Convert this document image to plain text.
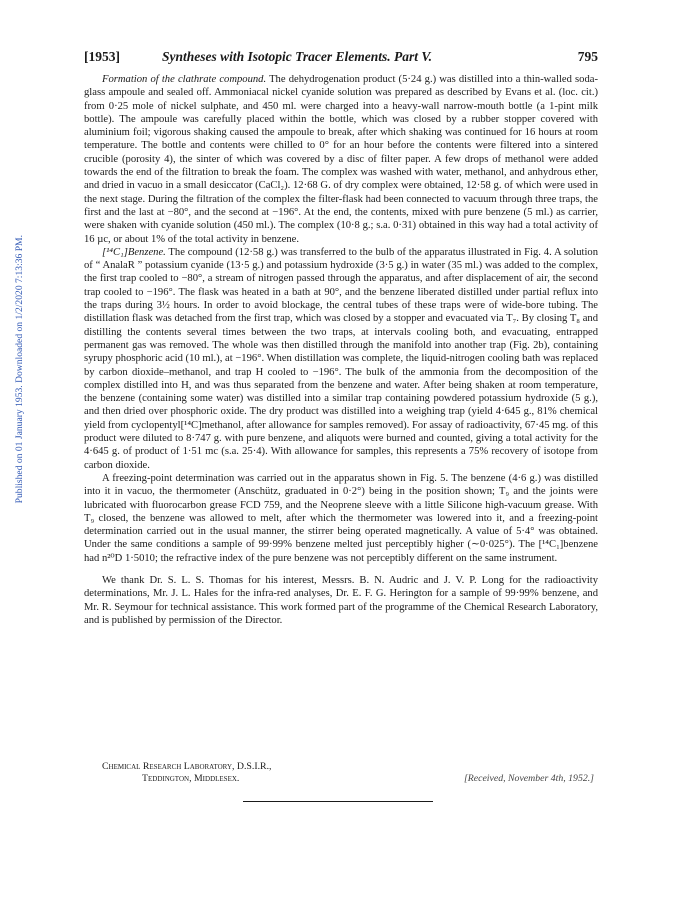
Published on 01 January 1953. Downloaded on 1/2/2020 7:13:36 PM.
[1953]	Syntheses with Isotopic Tracer Elements. Part V.	795

Formation of the clathrate compound. The dehydrogenation product (5·24 g.) was distilled into a thin-walled soda-glass ampoule and sealed off. Ammoniacal nickel cyanide solution was prepared as described by Evans et al. (loc. cit.) from 0·25 mole of nickel sulphate, and 450 ml. were charged into a heavy-wall narrow-mouth bottle (a 1-pint milk bottle). The ampoule was carefully placed within the bottle, which was closed by a rubber stopper covered with aluminium foil; vigorous shaking caused the ampoule to break, after which shaking was continued for 16 hours at room temperature. The bottle and contents were chilled to 0° for an hour before the contents were filtered into a sintered crucible (porosity 4), the sinter of which was covered by a disc of filter paper. A few drops of methanol were added towards the end of the filtration to break the foam. The complex was washed with water, methanol, and anhydrous ether, and dried in vacuo in a small desiccator (CaCl₂). 12·68 G. of dry complex were obtained, 12·58 g. of which were used in the next stage. During the filtration of the complex the filter-flask had been connected to vacuum through three traps, the first and the last at −80°, and the second at −196°. At the end, the contents, mixed with pure benzene (5 ml.) as carrier, were shaken with cyanide solution (450 ml.). The complex (10·8 g.; s.a. 0·31) obtained in this way had a total activity of 16 µc, or about 1% of the total activity in benzene.

[¹⁴C₁]Benzene. The compound (12·58 g.) was transferred to the bulb of the apparatus illustrated in Fig. 4. A solution of “ AnalaR ” potassium cyanide (13·5 g.) and potassium hydroxide (3·5 g.) in water (35 ml.) was added to the complex, the first trap cooled to −80°, a stream of nitrogen passed through the apparatus, and after displacement of air, the second trap cooled to −196°. The flask was heated in a bath at 90°, and the benzene liberated distilled under partial reflux into the traps during 3½ hours. In order to avoid blockage, the central tubes of these traps were of wide-bore tubing. The distillation flask was detached from the first trap, which was closed by a stopper and evacuated via T₇. By closing T₈ and distilling the contents several times between the two traps, at intervals cooling both, and evacuating, entrapped permanent gas was removed. The whole was then distilled through the manifold into another trap (Fig. 2b), containing syrupy phosphoric acid (10 ml.), at −196°. When distillation was complete, the liquid-nitrogen cooling bath was replaced by carbon dioxide–methanol, and trap H cooled to −196°. The bulk of the ammonia from the decomposition of the complex distilled into H, and was thus separated from the benzene and water. After being shaken at room temperature, the benzene (containing some water) was distilled into a similar trap containing powdered potassium hydroxide (5 g.), and then dried over phosphoric oxide. The dry product was distilled into a weighing trap (yield 4·645 g., 81% chemical yield from cyclopentyl[¹⁴C]methanol, after allowance for samples removed). For assay of radioactivity, 67·45 mg. of this product were diluted to 8·747 g. with pure benzene, and aliquots were burned and counted, giving a total activity for the 4·645 g. of product of 1·51 mc (s.a. 25·4). With allowance for samples, this represents a 75% recovery of isotope from carbon dioxide.

A freezing-point determination was carried out in the apparatus shown in Fig. 5. The benzene (4·6 g.) was distilled into it in vacuo, the thermometer (Anschütz, graduated in 0·2°) being in the position shown; T₉ and the joints were lubricated with fluorocarbon grease FCD 759, and the Neoprene sleeve with a little Silicone high-vacuum grease. With T₉ closed, the benzene was allowed to melt, after which the thermometer was lowered into it, and a freezing-point determination carried out in the usual manner, the stirrer being operated magnetically. A value of 5·4° was obtained. Under the same conditions a sample of 99·99% benzene melted just perceptibly higher (∼0·025°). The [¹⁴C₁]benzene had n²⁰D 1·5010; the refractive index of the pure benzene was not perceptibly different on the same instrument.

We thank Dr. S. L. S. Thomas for his interest, Messrs. B. N. Audric and J. V. P. Long for the radioactivity determinations, Mr. J. L. Hales for the infra-red analyses, Dr. E. F. G. Herington for a sample of 99·99% benzene, and Mr. R. Seymour for technical assistance. This work formed part of the programme of the Chemical Research Laboratory, and is published by permission of the Director.

Chemical Research Laboratory, D.S.I.R.,
Teddington, Middlesex.	[Received, November 4th, 1952.]
